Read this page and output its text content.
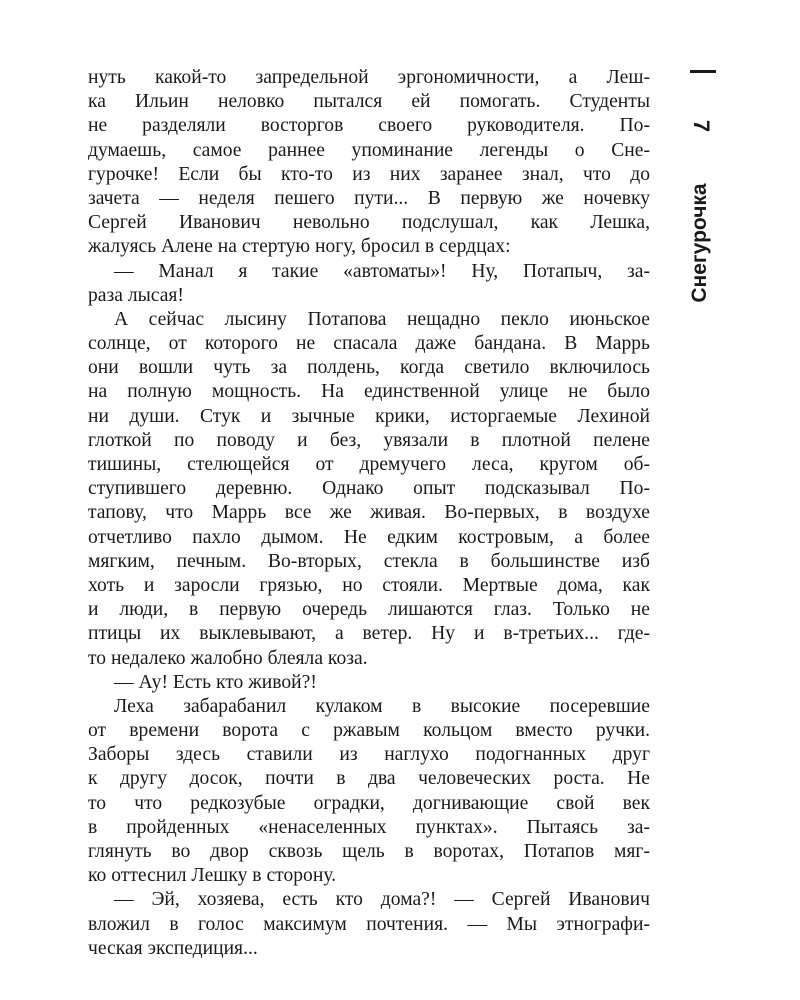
7
Снегурочка
нуть какой-то запредельной эргономичности, а Леш-
ка Ильин неловко пытался ей помогать. Студенты
не разделяли восторгов своего руководителя. По-
думаешь, самое раннее упоминание легенды о Сне-
гурочке! Если бы кто-то из них заранее знал, что до
зачета — неделя пешего пути... В первую же ночевку
Сергей Иванович невольно подслушал, как Лешка,
жалуясь Алене на стертую ногу, бросил в сердцах:
— Манал я такие «автоматы»! Ну, Потапыч, за-
раза лысая!
А сейчас лысину Потапова нещадно пекло июньское
солнце, от которого не спасала даже бандана. В Маррь
они вошли чуть за полдень, когда светило включилось
на полную мощность. На единственной улице не было
ни души. Стук и зычные крики, исторгаемые Лехиной
глоткой по поводу и без, увязали в плотной пелене
тишины, стелющейся от дремучего леса, кругом об-
ступившего деревню. Однако опыт подсказывал По-
тапову, что Маррь все же живая. Во-первых, в воздухе
отчетливо пахло дымом. Не едким костровым, а более
мягким, печным. Во-вторых, стекла в большинстве изб
хоть и заросли грязью, но стояли. Мертвые дома, как
и люди, в первую очередь лишаются глаз. Только не
птицы их выклевывают, а ветер. Ну и в-третьих... где-
то недалеко жалобно блеяла коза.
— Ау! Есть кто живой?!
Леха забарабанил кулаком в высокие посеревшие
от времени ворота с ржавым кольцом вместо ручки.
Заборы здесь ставили из наглухо подогнанных друг
к другу досок, почти в два человеческих роста. Не
то что редкозубые оградки, догнивающие свой век
в пройденных «ненаселенных пунктах». Пытаясь за-
глянуть во двор сквозь щель в воротах, Потапов мяг-
ко оттеснил Лешку в сторону.
— Эй, хозяева, есть кто дома?! — Сергей Иванович
вложил в голос максимум почтения. — Мы этнографи-
ческая экспедиция...
